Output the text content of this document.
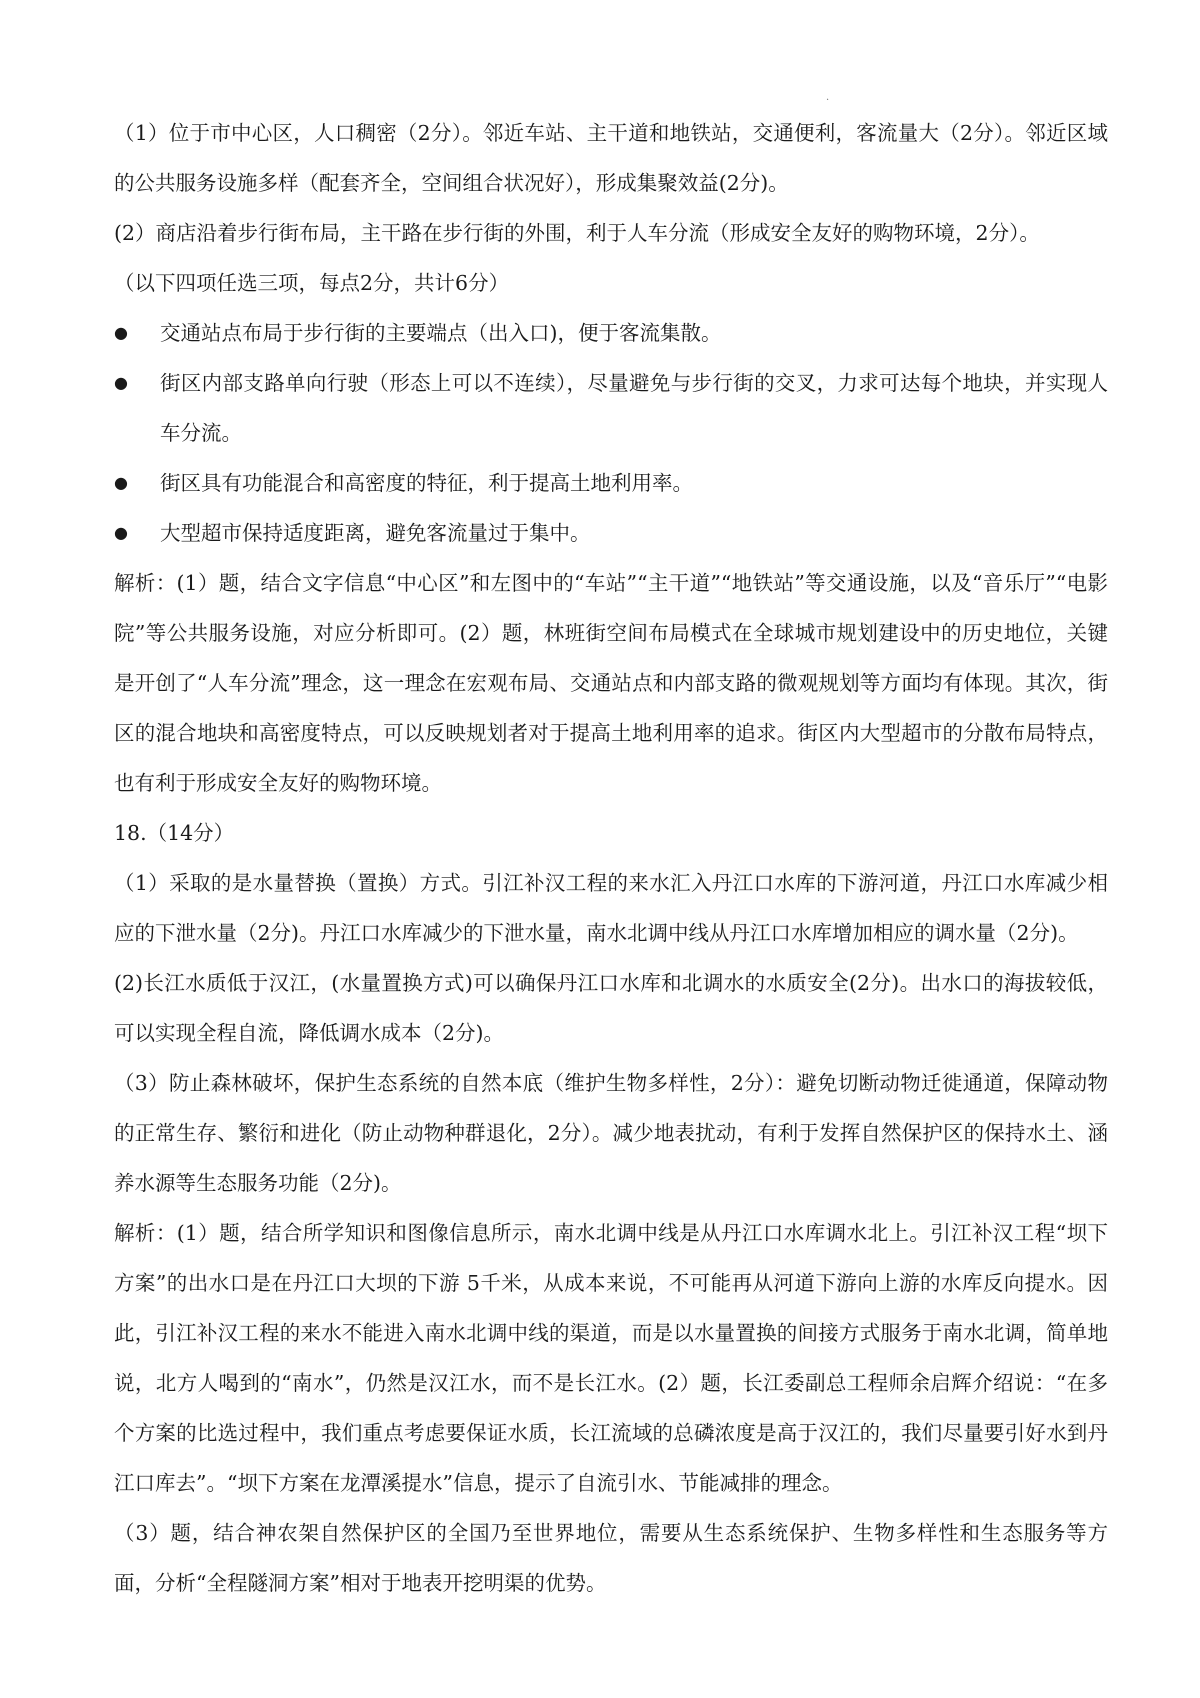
.

（1）位于市中心区，人口稠密（2分）。邻近车站、主干道和地铁站，交通便利，客流量大（2分）。邻近区域的公共服务设施多样（配套齐全，空间组合状况好），形成集聚效益(2分)。

(2）商店沿着步行街布局，主干路在步行街的外围，利于人车分流（形成安全友好的购物环境，2分）。

（以下四项任选三项，每点2分，共计6分）

●	交通站点布局于步行街的主要端点（出入口)，便于客流集散。
●	街区内部支路单向行驶（形态上可以不连续），尽量避免与步行街的交叉，力求可达每个地块，并实现人车分流。
●	街区具有功能混合和高密度的特征，利于提高土地利用率。
●	大型超市保持适度距离，避免客流量过于集中。

解析：(1）题，结合文字信息“中心区”和左图中的“车站”“主干道”“地铁站”等交通设施，以及“音乐厅”“电影院”等公共服务设施，对应分析即可。(2）题，林班街空间布局模式在全球城市规划建设中的历史地位，关键是开创了“人车分流”理念，这一理念在宏观布局、交通站点和内部支路的微观规划等方面均有体现。其次，街区的混合地块和高密度特点，可以反映规划者对于提高土地利用率的追求。街区内大型超市的分散布局特点，也有利于形成安全友好的购物环境。

18.（14分）

（1）采取的是水量替换（置换）方式。引江补汉工程的来水汇入丹江口水库的下游河道，丹江口水库减少相应的下泄水量（2分)。丹江口水库减少的下泄水量，南水北调中线从丹江口水库增加相应的调水量（2分)。

(2)长江水质低于汉江，(水量置换方式)可以确保丹江口水库和北调水的水质安全(2分)。出水口的海拔较低，可以实现全程自流，降低调水成本（2分)。

（3）防止森林破坏，保护生态系统的自然本底（维护生物多样性，2分）：避免切断动物迁徙通道，保障动物的正常生存、繁衍和进化（防止动物种群退化，2分）。减少地表扰动，有利于发挥自然保护区的保持水土、涵养水源等生态服务功能（2分)。

解析：(1）题，结合所学知识和图像信息所示，南水北调中线是从丹江口水库调水北上。引江补汉工程“坝下方案”的出水口是在丹江口大坝的下游 5千米，从成本来说，不可能再从河道下游向上游的水库反向提水。因此，引江补汉工程的来水不能进入南水北调中线的渠道，而是以水量置换的间接方式服务于南水北调，简单地说，北方人喝到的“南水”，仍然是汉江水，而不是长江水。(2）题，长江委副总工程师余启辉介绍说：“在多个方案的比选过程中，我们重点考虑要保证水质，长江流域的总磷浓度是高于汉江的，我们尽量要引好水到丹江口库去”。“坝下方案在龙潭溪提水”信息，提示了自流引水、节能减排的理念。

（3）题，结合神农架自然保护区的全国乃至世界地位，需要从生态系统保护、生物多样性和生态服务等方面，分析“全程隧洞方案”相对于地表开挖明渠的优势。
